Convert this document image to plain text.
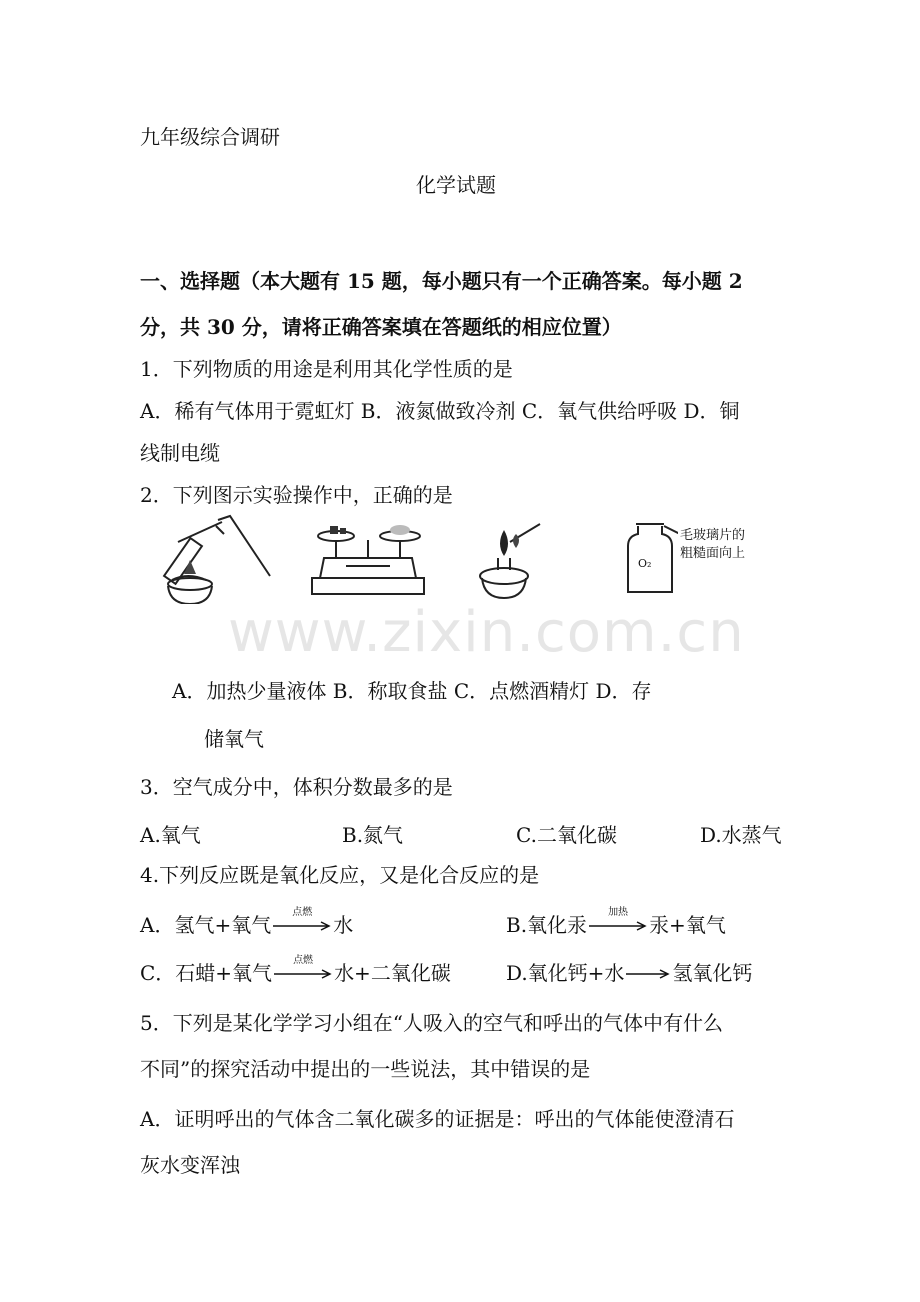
九年级综合调研
化学试题
一、选择题（本大题有 15 题，每小题只有一个正确答案。每小题 2
分，共 30 分，请将正确答案填在答题纸的相应位置）
1．下列物质的用途是利用其化学性质的是
A．稀有气体用于霓虹灯 B．液氮做致冷剂 C．氧气供给呼吸 D．铜
线制电缆
2．下列图示实验操作中，正确的是
O₂
毛玻璃片的
粗糙面向上
www.zixin.com.cn
A．加热少量液体 B．称取食盐 C．点燃酒精灯 D．存
储氧气
3．空气成分中，体积分数最多的是
A.氧气	B.氮气	C.二氧化碳	D.水蒸气
4.下列反应既是氧化反应，又是化合反应的是
A．氢气+氧气
点燃
水	B.氧化汞
加热
汞+氧气
C．石蜡+氧气
点燃
水+二氧化碳	D.氧化钙+水 氢氧化钙
5．下列是某化学学习小组在“人吸入的空气和呼出的气体中有什么
不同”的探究活动中提出的一些说法，其中错误的是
A．证明呼出的气体含二氧化碳多的证据是：呼出的气体能使澄清石
灰水变浑浊
